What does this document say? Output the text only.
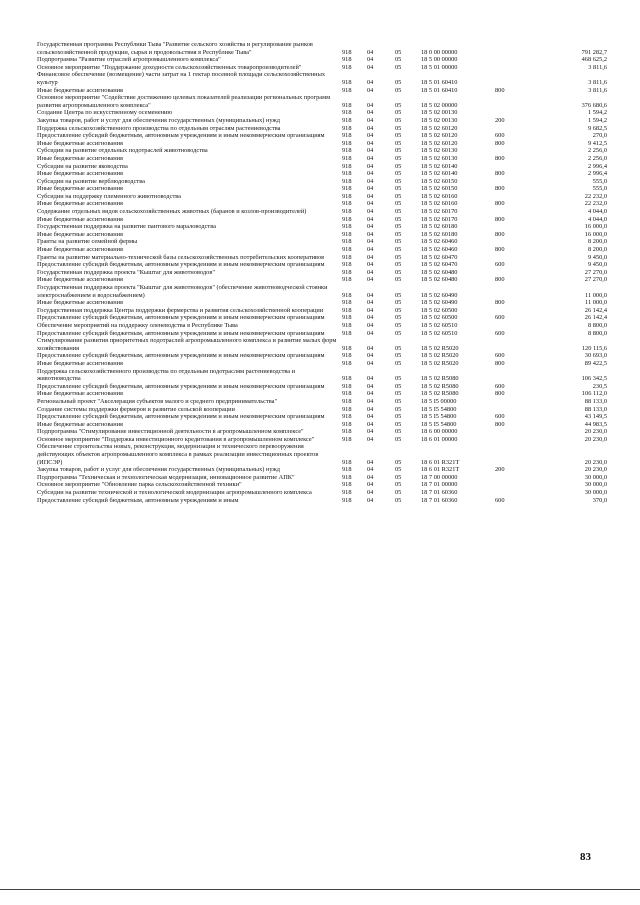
Государственная программа Республики Тыва "Развитие сельского хозяйства и регулирование рынков сельскохозяйственной продукции, сырья и продовольствия в Республике Тыва"	918	04	05	18 0 00 00000	791 282,7
Подпрограмма "Развитие отраслей агропромышленного комплекса"	918	04	05	18 5 00 00000	468 625,2
Основное мероприятие "Поддержание доходности сельскохозяйственных товаропроизводителей"	918	04	05	18 5 01 00000	3 811,6
Финансовое обеспечение (возмещение) части затрат на 1 гектар посевной площади сельскохозяйственных культур	918	04	05	18 5 01 60410	3 811,6
Иные бюджетные ассигнования	918	04	05	18 5 01 60410	800	3 811,6
Основное мероприятие "Содействие достижению целевых показателей реализации региональных программ развития агропромышленного комплекса"	918	04	05	18 5 02 00000	376 680,6
Создание Центра по искусственному осеменению	918	04	05	18 5 02 00130	1 594,2
Закупка товаров, работ и услуг для обеспечения государственных (муниципальных) нужд	918	04	05	18 5 02 00130	200	1 594,2
Поддержка сельскохозяйственного производства по отдельным отраслям растениеводства	918	04	05	18 5 02 60120	9 682,5
Предоставление субсидий бюджетным, автономным учреждениям и иным некоммерческим организациям	918	04	05	18 5 02 60120	600	270,0
Иные бюджетные ассигнования	918	04	05	18 5 02 60120	800	9 412,5
Субсидии на развитие отдельных подотраслей животноводства	918	04	05	18 5 02 60130	2 256,0
Иные бюджетные ассигнования	918	04	05	18 5 02 60130	800	2 256,0
Субсидии на развитие яководства	918	04	05	18 5 02 60140	2 996,4
Иные бюджетные ассигнования	918	04	05	18 5 02 60140	800	2 996,4
Субсидии на развитие верблюдоводства	918	04	05	18 5 02 60150	555,0
Иные бюджетные ассигнования	918	04	05	18 5 02 60150	800	555,0
Субсидии на поддержку племенного животноводства	918	04	05	18 5 02 60160	22 232,0
Иные бюджетные ассигнования	918	04	05	18 5 02 60160	800	22 232,0
Содержание отдельных видов сельскохозяйственных животных (баранов и козлов-производителей)	918	04	05	18 5 02 60170	4 044,0
Иные бюджетные ассигнования	918	04	05	18 5 02 60170	800	4 044,0
Государственная поддержка на развитие пантового мараловодства	918	04	05	18 5 02 60180	16 000,0
Иные бюджетные ассигнования	918	04	05	18 5 02 60180	800	16 000,0
Гранты на развитие семейной фермы	918	04	05	18 5 02 60460	8 200,0
Иные бюджетные ассигнования	918	04	05	18 5 02 60460	800	8 200,0
Гранты на развитие материально-технической базы сельскохозяйственных потребительских кооперативов	918	04	05	18 5 02 60470	9 450,0
Предоставление субсидий бюджетным, автономным учреждениям и иным некоммерческим организациям	918	04	05	18 5 02 60470	600	9 450,0
Государственная поддержка проекта "Кыштаг для животноводов"	918	04	05	18 5 02 60480	27 270,0
Иные бюджетные ассигнования	918	04	05	18 5 02 60480	800	27 270,0
Государственная поддержка проекта "Кыштаг для животноводов" (обеспечение животноводческой стоянки электроснабжением и водоснабжением)	918	04	05	18 5 02 60490	11 000,0
Иные бюджетные ассигнования	918	04	05	18 5 02 60490	800	11 000,0
Государственная поддержка Центра поддержки фермерства и развития сельскохозяйственной кооперации	918	04	05	18 5 02 60500	26 142,4
Предоставление субсидий бюджетным, автономным учреждениям и иным некоммерческим организациям	918	04	05	18 5 02 60500	600	26 142,4
Обеспечение мероприятий на поддержку оленеводства в Республике Тыва	918	04	05	18 5 02 60510	8 800,0
Предоставление субсидий бюджетным, автономным учреждениям и иным некоммерческим организациям	918	04	05	18 5 02 60510	600	8 800,0
Стимулирование развития приоритетных подотраслей агропромышленного комплекса и развитие малых форм хозяйствования	918	04	05	18 5 02 R5020	120 115,6
Предоставление субсидий бюджетным, автономным учреждениям и иным некоммерческим организациям	918	04	05	18 5 02 R5020	600	30 693,0
Иные бюджетные ассигнования	918	04	05	18 5 02 R5020	800	89 422,5
Поддержка сельскохозяйственного производства по отдельным подотраслям растениеводства и животноводства	918	04	05	18 5 02 R5080	106 342,5
Предоставление субсидий бюджетным, автономным учреждениям и иным некоммерческим организациям	918	04	05	18 5 02 R5080	600	230,5
Иные бюджетные ассигнования	918	04	05	18 5 02 R5080	800	106 112,0
Региональный проект "Акселерация субъектов малого и среднего предпринимательства"	918	04	05	18 5 I5 00000	88 133,0
Создание системы поддержки фермеров и развитие сельской кооперации	918	04	05	18 5 I5 54800	88 133,0
Предоставление субсидий бюджетным, автономным учреждениям и иным некоммерческим организациям	918	04	05	18 5 I5 54800	600	43 149,5
Иные бюджетные ассигнования	918	04	05	18 5 I5 54800	800	44 983,5
Подпрограмма "Стимулирование инвестиционной деятельности в агропромышленном комплексе"	918	04	05	18 6 00 00000	20 230,0
Основное мероприятие "Поддержка инвестиционного кредитования в агропромышленном комплексе"	918	04	05	18 6 01 00000	20 230,0
Обеспечение строительства новых, реконструкция, модернизация и технического перевооружения действующих объектов агропромышленного комплекса в рамках реализации инвестиционных проектов (ИПСЭР)	918	04	05	18 6 01 R321T	20 230,0
Закупка товаров, работ и услуг для обеспечения государственных (муниципальных) нужд	918	04	05	18 6 01 R321T	200	20 230,0
Подпрограмма "Техническая и технологическая модернизация, инновационное развитие АПК"	918	04	05	18 7 00 00000	30 000,0
Основное мероприятие "Обновление парка сельскохозяйственной техники"	918	04	05	18 7 01 00000	30 000,0
Субсидии на развитие технической и технологической модернизации агропромышленного комплекса	918	04	05	18 7 01 60360	30 000,0
Предоставление субсидий бюджетным, автономным учреждениям и иным	918	04	05	18 7 01 60360	600	370,0
83
